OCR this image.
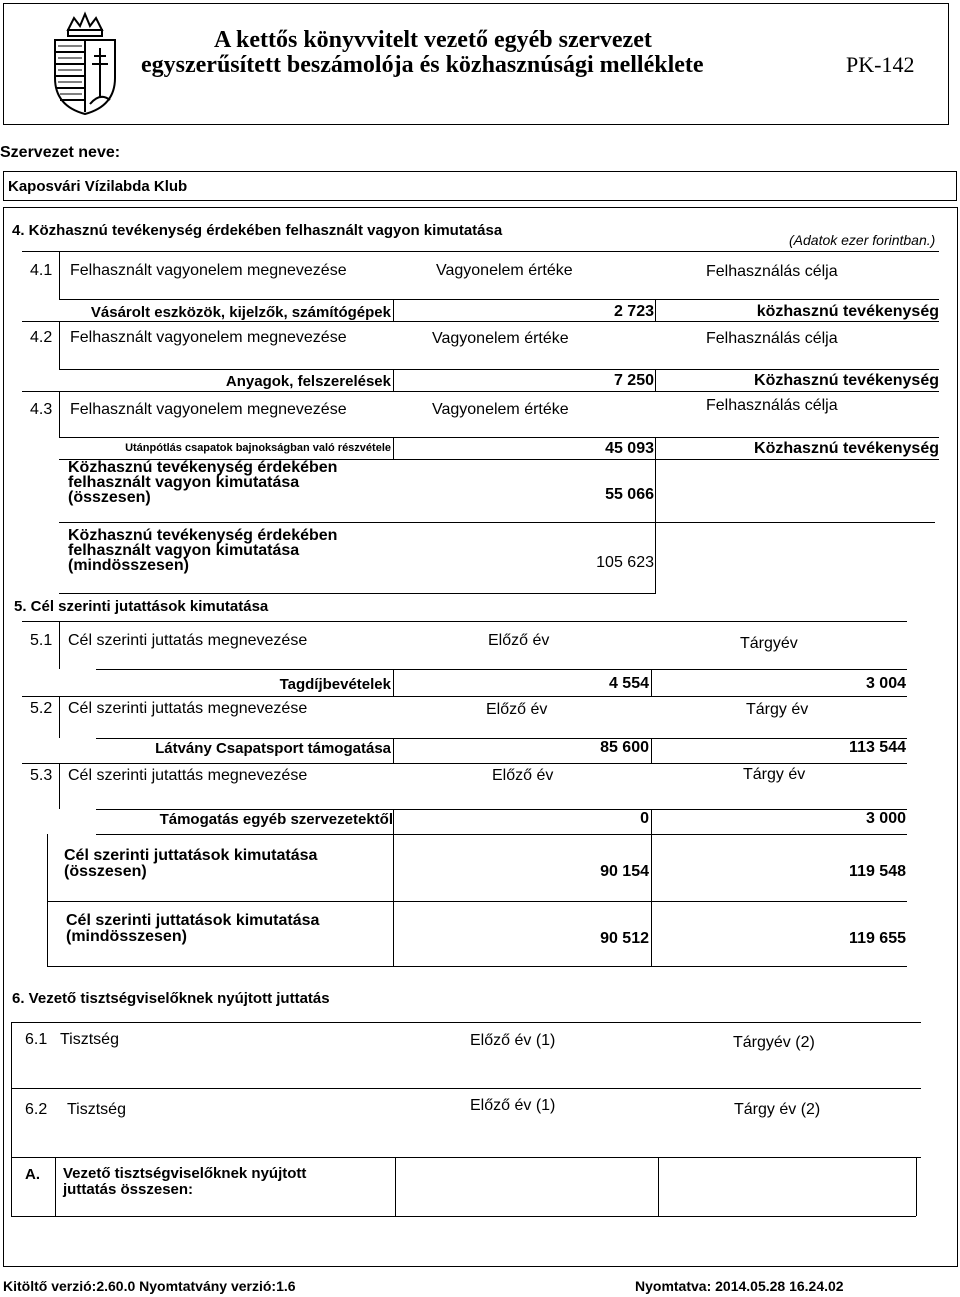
A kettős könyvvitelt vezető egyéb szervezet
egyszerűsített beszámolója és közhasznúsági melléklete	PK-142
Szervezet neve:
Kaposvári Vízilabda Klub
4. Közhasznú tevékenység érdekében felhasznált vagyon kimutatása
(Adatok ezer forintban.)
4.1 Felhasznált vagyonelem megnevezése	Vagyonelem értéke	Felhasználás célja
Vásárolt eszközök, kijelzők, számítógépek	2 723	közhasznú tevékenység
4.2 Felhasznált vagyonelem megnevezése	Vagyonelem értéke	Felhasználás célja
Anyagok, felszerelések	7 250	Közhasznú tevékenység
4.3 Felhasznált vagyonelem megnevezése	Vagyonelem értéke	Felhasználás célja
Utánpótlás csapatok bajnokságban való részvétele	45 093	Közhasznú tevékenység
Közhasznú tevékenység érdekében
felhasznált vagyon kimutatása
(összesen)	55 066
Közhasznú tevékenység érdekében
felhasznált vagyon kimutatása
(mindösszesen)	105 623
5. Cél szerinti jutattások kimutatása
5.1 Cél szerinti juttatás megnevezése	Előző év	Tárgyév
Tagdíjbevételek	4 554	3 004
5.2 Cél szerinti juttatás megnevezése	Előző év	Tárgy év
Látvány Csapatsport támogatása	85 600	113 544
5.3 Cél szerinti jutattás megnevezése	Előző év	Tárgy év
Támogatás egyéb szervezetektől	0	3 000
Cél szerinti juttatások kimutatása
(összesen)	90 154	119 548
Cél szerinti juttatások kimutatása
(mindösszesen)	90 512	119 655
6. Vezető tisztségviselőknek nyújtott juttatás
6.1 Tisztség	Előző év (1)	Tárgyév (2)
6.2 Tisztség	Előző év (1)	Tárgy év (2)
A. Vezető tisztségviselőknek nyújtott
juttatás összesen:
Kitöltő verzió:2.60.0 Nyomtatvány verzió:1.6	Nyomtatva: 2014.05.28 16.24.02
